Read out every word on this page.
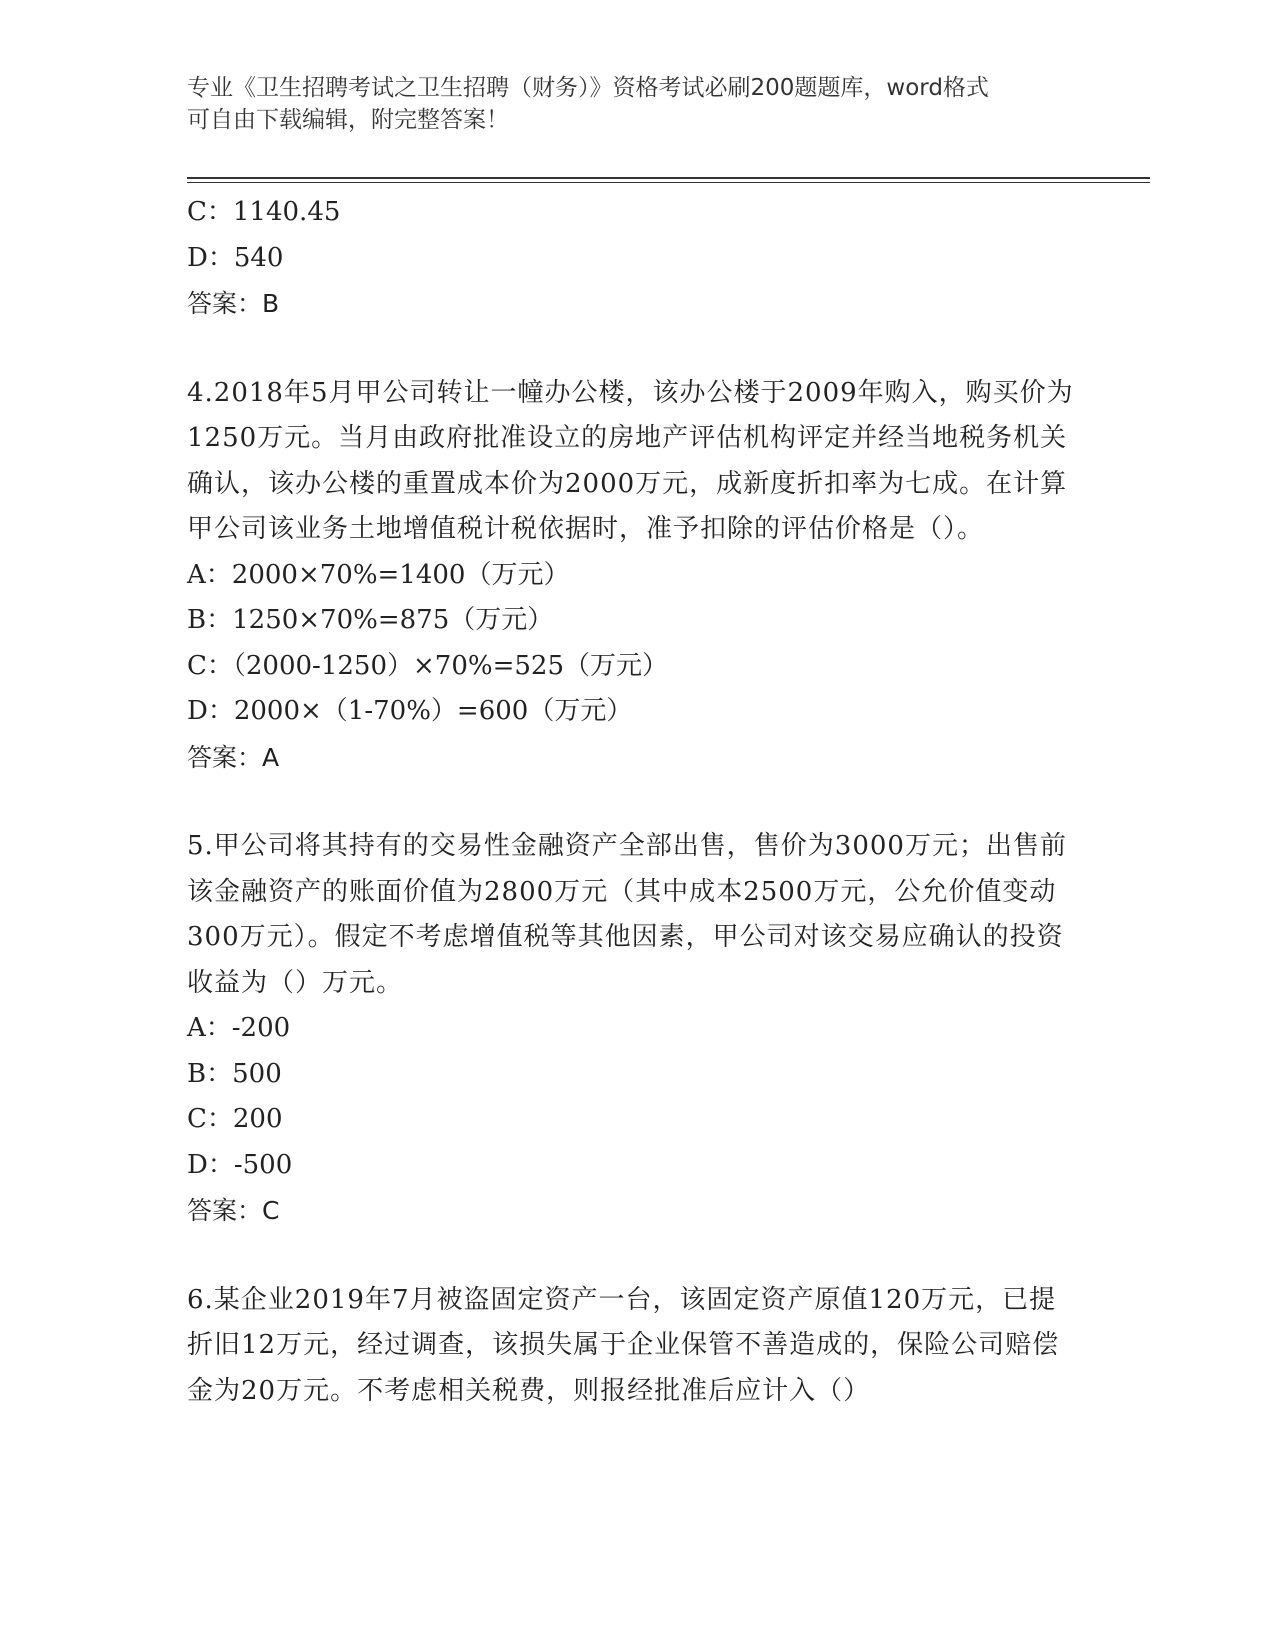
专业《卫生招聘考试之卫生招聘（财务）》资格考试必刷200题题库，word格式
可自由下载编辑，附完整答案！
C：1140.45
D：540
答案：B
4.2018年5月甲公司转让一幢办公楼，该办公楼于2009年购入，购买价为1250万元。当月由政府批准设立的房地产评估机构评定并经当地税务机关确认，该办公楼的重置成本价为2000万元，成新度折扣率为七成。在计算甲公司该业务土地增值税计税依据时，准予扣除的评估价格是（）。
A：2000×70%=1400（万元）
B：1250×70%=875（万元）
C：（2000-1250）×70%=525（万元）
D：2000×（1-70%）=600（万元）
答案：A
5.甲公司将其持有的交易性金融资产全部出售，售价为3000万元；出售前该金融资产的账面价值为2800万元（其中成本2500万元，公允价值变动300万元）。假定不考虑增值税等其他因素，甲公司对该交易应确认的投资收益为（）万元。
A：-200
B：500
C：200
D：-500
答案：C
6.某企业2019年7月被盗固定资产一台，该固定资产原值120万元，已提折旧12万元，经过调查，该损失属于企业保管不善造成的，保险公司赔偿金为20万元。不考虑相关税费，则报经批准后应计入（）
